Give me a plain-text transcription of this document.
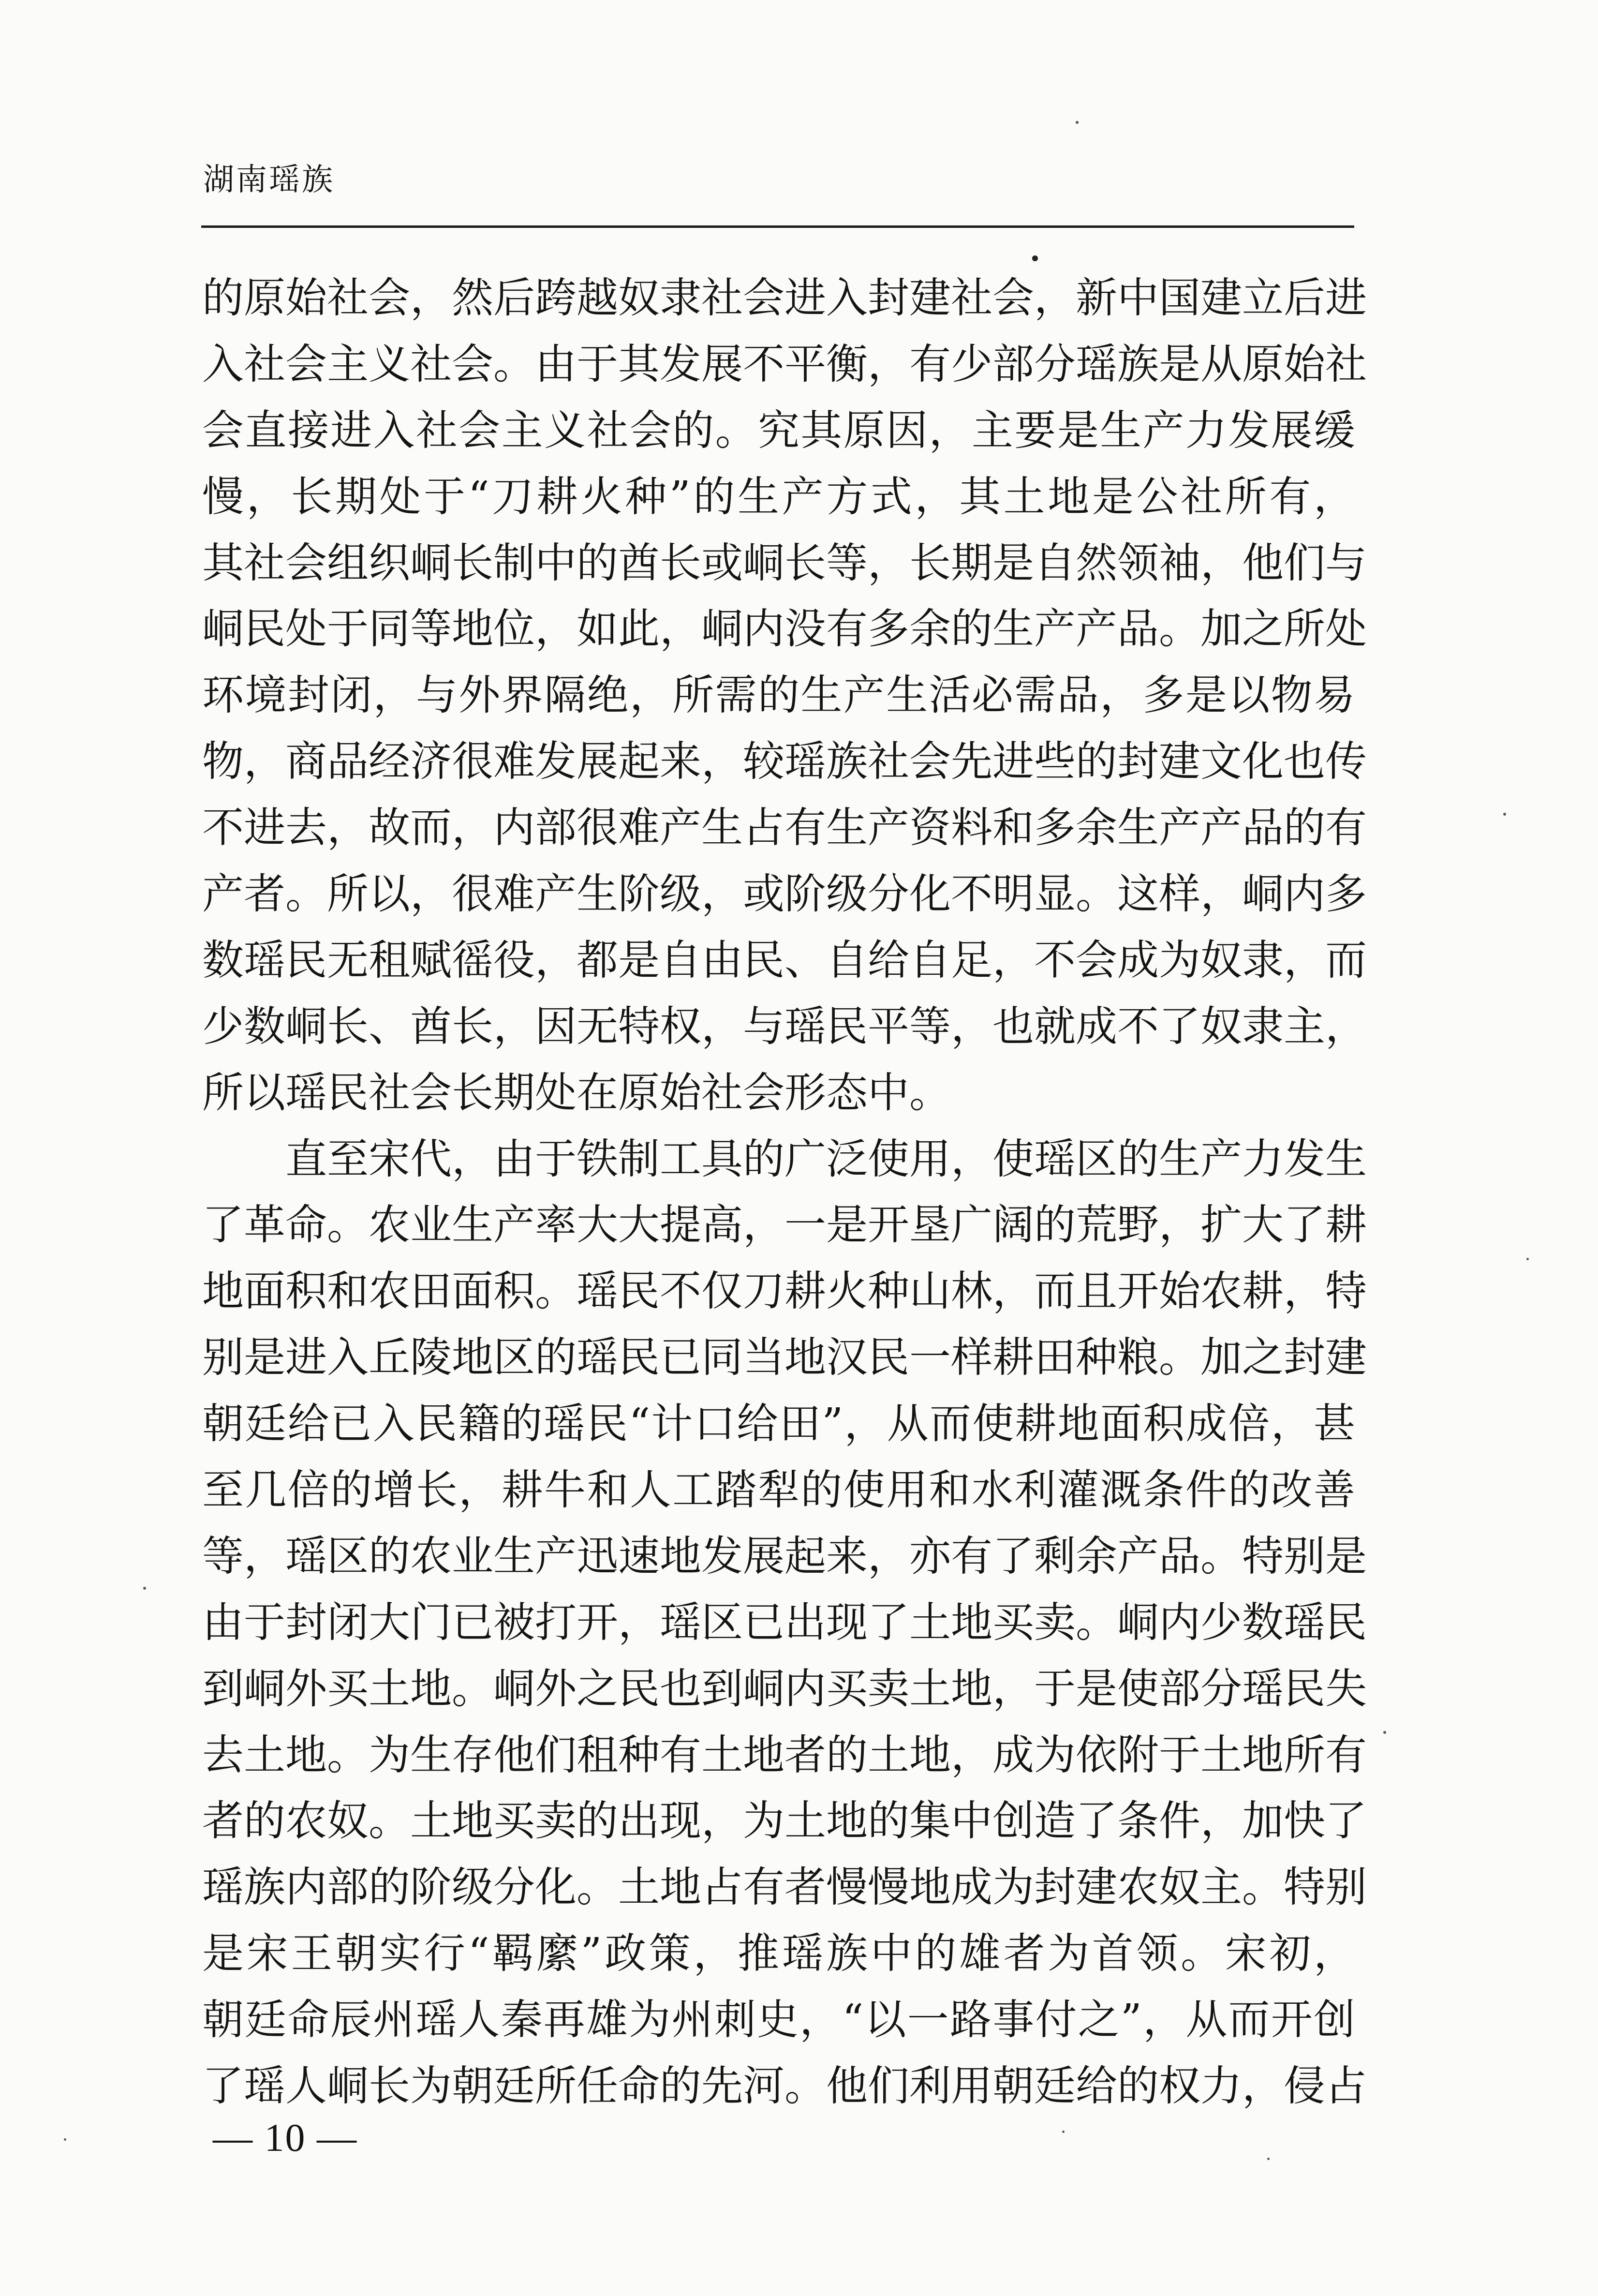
湖南瑶族
的原始社会，然后跨越奴隶社会进入封建社会，新中国建立后进
入社会主义社会。由于其发展不平衡，有少部分瑶族是从原始社
会直接进入社会主义社会的。究其原因，主要是生产力发展缓
慢，长期处于“刀耕火种”的生产方式，其土地是公社所有，
其社会组织峒长制中的酋长或峒长等，长期是自然领袖，他们与
峒民处于同等地位，如此，峒内没有多余的生产产品。加之所处
环境封闭，与外界隔绝，所需的生产生活必需品，多是以物易
物，商品经济很难发展起来，较瑶族社会先进些的封建文化也传
不进去，故而，内部很难产生占有生产资料和多余生产产品的有
产者。所以，很难产生阶级，或阶级分化不明显。这样，峒内多
数瑶民无租赋徭役，都是自由民、自给自足，不会成为奴隶，而
少数峒长、酋长，因无特权，与瑶民平等，也就成不了奴隶主，
所以瑶民社会长期处在原始社会形态中。
直至宋代，由于铁制工具的广泛使用，使瑶区的生产力发生
了革命。农业生产率大大提高，一是开垦广阔的荒野，扩大了耕
地面积和农田面积。瑶民不仅刀耕火种山林，而且开始农耕，特
别是进入丘陵地区的瑶民已同当地汉民一样耕田种粮。加之封建
朝廷给已入民籍的瑶民“计口给田”，从而使耕地面积成倍，甚
至几倍的增长，耕牛和人工踏犁的使用和水利灌溉条件的改善
等，瑶区的农业生产迅速地发展起来，亦有了剩余产品。特别是
由于封闭大门已被打开，瑶区已出现了土地买卖。峒内少数瑶民
到峒外买土地。峒外之民也到峒内买卖土地，于是使部分瑶民失
去土地。为生存他们租种有土地者的土地，成为依附于土地所有
者的农奴。土地买卖的出现，为土地的集中创造了条件，加快了
瑶族内部的阶级分化。土地占有者慢慢地成为封建农奴主。特别
是宋王朝实行“羁縻”政策，推瑶族中的雄者为首领。宋初，
朝廷命辰州瑶人秦再雄为州刺史，“以一路事付之”，从而开创
了瑶人峒长为朝廷所任命的先河。他们利用朝廷给的权力，侵占
— 10 —
